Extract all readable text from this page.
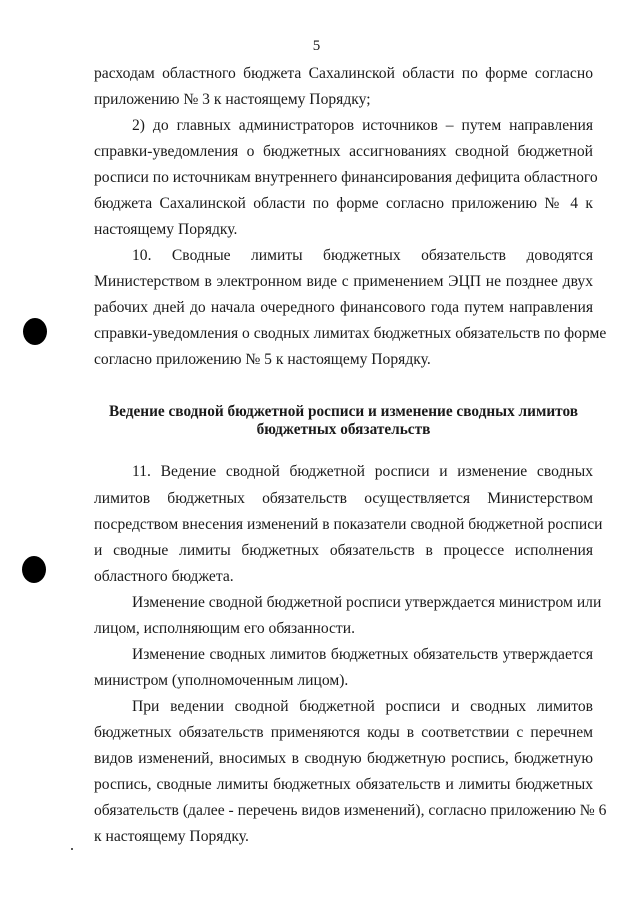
5
расходам областного бюджета Сахалинской области по форме согласно
приложению № 3 к настоящему Порядку;
2) до главных администраторов источников – путем направления
справки-уведомления о бюджетных ассигнованиях сводной бюджетной
росписи по источникам внутреннего финансирования дефицита областного
бюджета Сахалинской области по форме согласно приложению № 4 к
настоящему Порядку.
10. Сводные лимиты бюджетных обязательств доводятся
Министерством в электронном виде с применением ЭЦП не позднее двух
рабочих дней до начала очередного финансового года путем направления
справки-уведомления о сводных лимитах бюджетных обязательств по форме
согласно приложению № 5 к настоящему Порядку.
Ведение сводной бюджетной росписи и изменение сводных лимитов
бюджетных обязательств
11. Ведение сводной бюджетной росписи и изменение сводных
лимитов бюджетных обязательств осуществляется Министерством
посредством внесения изменений в показатели сводной бюджетной росписи
и сводные лимиты бюджетных обязательств в процессе исполнения
областного бюджета.
Изменение сводной бюджетной росписи утверждается министром или
лицом, исполняющим его обязанности.
Изменение сводных лимитов бюджетных обязательств утверждается
министром (уполномоченным лицом).
При ведении сводной бюджетной росписи и сводных лимитов
бюджетных обязательств применяются коды в соответствии с перечнем
видов изменений, вносимых в сводную бюджетную роспись, бюджетную
роспись, сводные лимиты бюджетных обязательств и лимиты бюджетных
обязательств (далее - перечень видов изменений), согласно приложению № 6
к настоящему Порядку.
